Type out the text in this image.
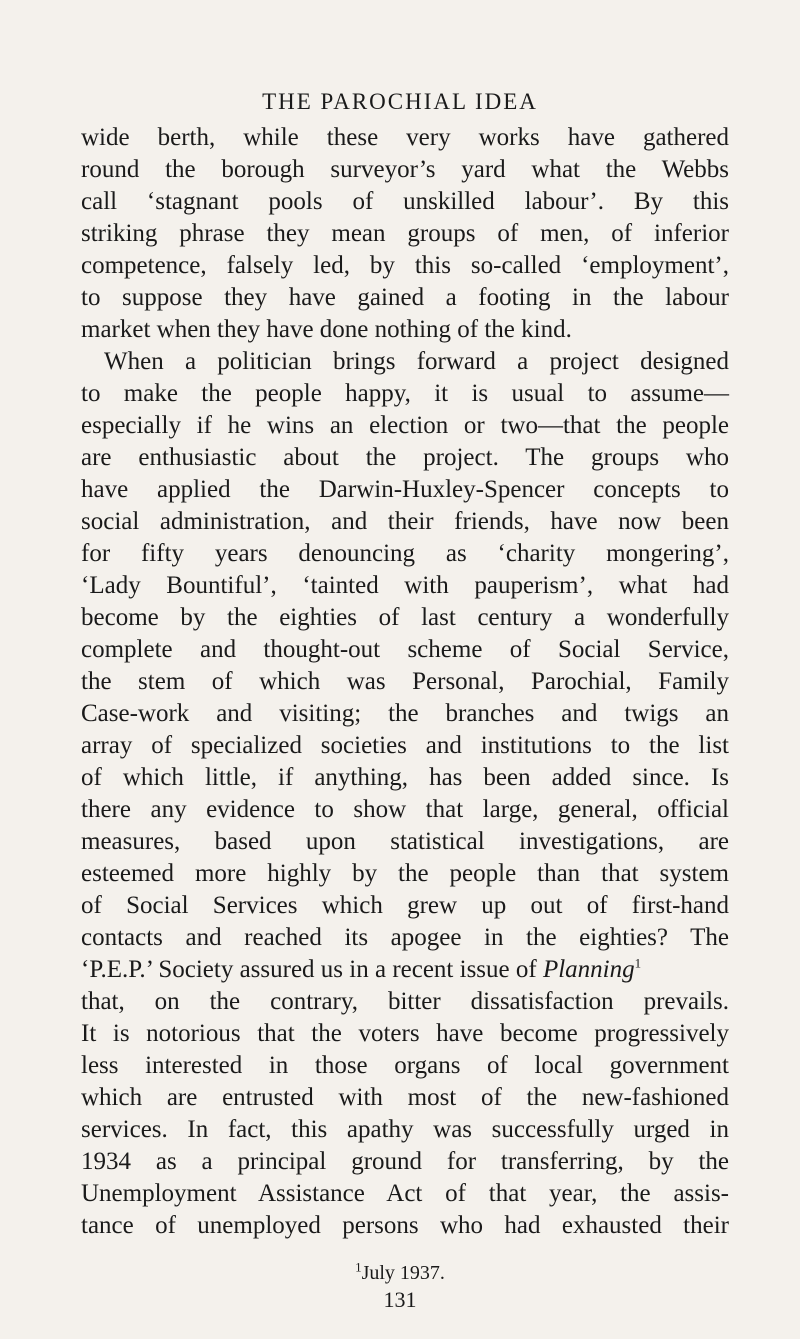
THE PAROCHIAL IDEA
wide berth, while these very works have gathered
round the borough surveyor’s yard what the Webbs
call ‘stagnant pools of unskilled labour’. By this
striking phrase they mean groups of men, of inferior
competence, falsely led, by this so-called ‘employment’,
to suppose they have gained a footing in the labour
market when they have done nothing of the kind.
When a politician brings forward a project designed
to make the people happy, it is usual to assume—
especially if he wins an election or two—that the people
are enthusiastic about the project. The groups who
have applied the Darwin-Huxley-Spencer concepts to
social administration, and their friends, have now been
for fifty years denouncing as ‘charity mongering’,
‘Lady Bountiful’, ‘tainted with pauperism’, what had
become by the eighties of last century a wonderfully
complete and thought-out scheme of Social Service,
the stem of which was Personal, Parochial, Family
Case-work and visiting; the branches and twigs an
array of specialized societies and institutions to the list
of which little, if anything, has been added since. Is
there any evidence to show that large, general, official
measures, based upon statistical investigations, are
esteemed more highly by the people than that system
of Social Services which grew up out of first-hand
contacts and reached its apogee in the eighties? The
‘P.E.P.’ Society assured us in a recent issue of Planning$^1$
that, on the contrary, bitter dissatisfaction prevails.
It is notorious that the voters have become progressively
less interested in those organs of local government
which are entrusted with most of the new-fashioned
services. In fact, this apathy was successfully urged in
1934 as a principal ground for transferring, by the
Unemployment Assistance Act of that year, the assis-
tance of unemployed persons who had exhausted their
$^1$July 1937.
131
